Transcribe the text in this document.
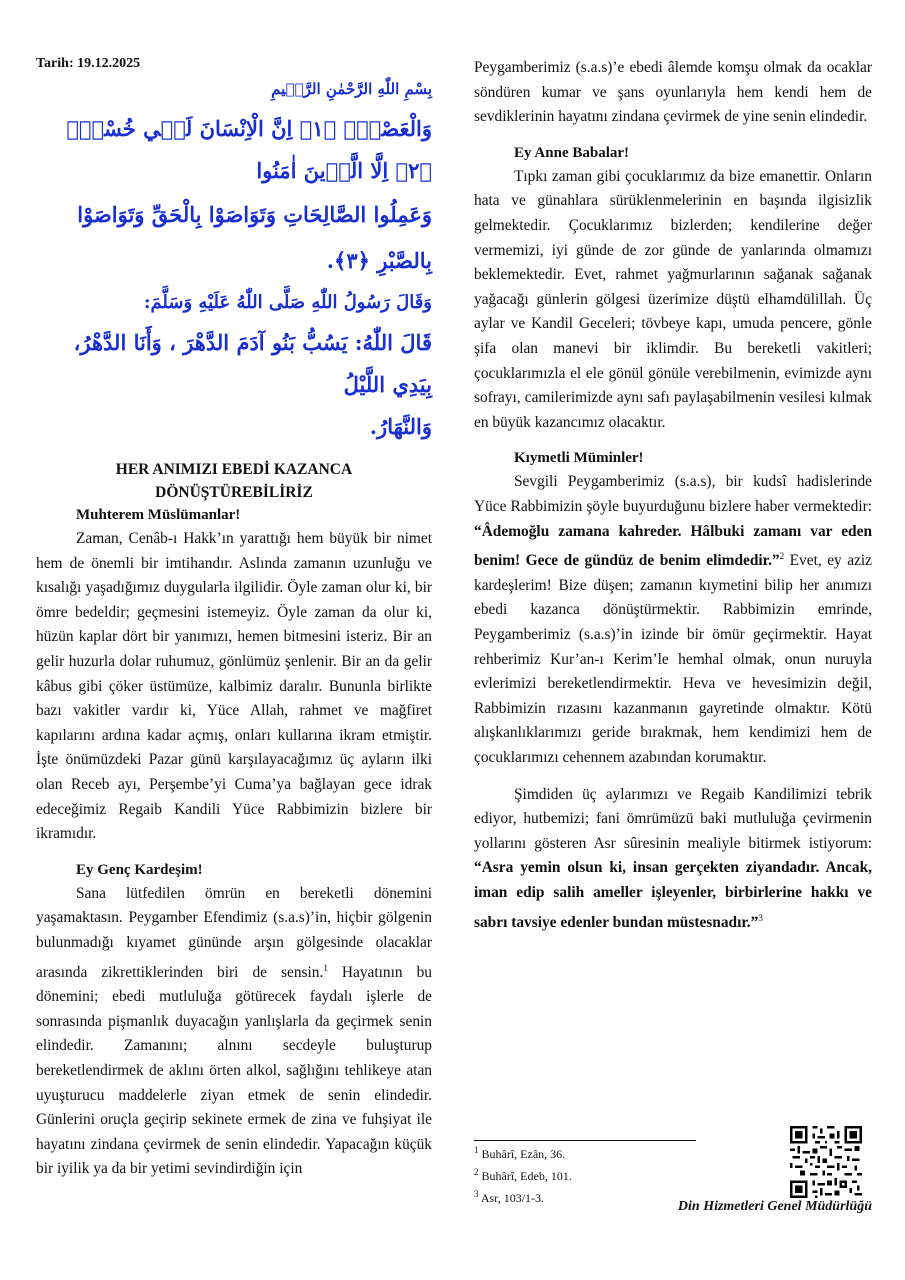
Tarih: 19.12.2025

بِسْمِ اللّٰهِ الرَّحْمٰنِ الرَّح۪يمِ

وَالْعَصْرِۙ ﴿١﴾ اِنَّ الْاِنْسَانَ لَف۪ي خُسْرٍۙ ﴿٢﴾ اِلَّا الَّذ۪ينَ اٰمَنُوا

وَعَمِلُوا الصَّالِحَاتِ وَتَوَاصَوْا بِالْحَقِّ وَتَوَاصَوْا بِالصَّبْرِ ﴿٣﴾.

وَقَالَ رَسُولُ اللّٰهِ صَلَّى اللّٰهُ عَلَيْهِ وَسَلَّمَ:

قَالَ اللّٰهُ: يَسُبُّ بَنُو آدَمَ الدَّهْرَ ، وَأَنَا الدَّهْرُ، بِيَدِي اللَّيْلُ

وَالنَّهَارُ.

HER ANIMIZI EBEDİ KAZANCA
DÖNÜŞTÜREBİLİRİZ

Muhterem Müslümanlar!

Zaman, Cenâb-ı Hakk’ın yarattığı hem büyük bir nimet hem de önemli bir imtihandır. Aslında zamanın uzunluğu ve kısalığı yaşadığımız duygularla ilgilidir. Öyle zaman olur ki, bir ömre bedeldir; geçmesini istemeyiz. Öyle zaman da olur ki, hüzün kaplar dört bir yanımızı, hemen bitmesini isteriz. Bir an gelir huzurla dolar ruhumuz, gönlümüz şenlenir. Bir an da gelir kâbus gibi çöker üstümüze, kalbimiz daralır. Bununla birlikte bazı vakitler vardır ki, Yüce Allah, rahmet ve mağfiret kapılarını ardına kadar açmış, onları kullarına ikram etmiştir. İşte önümüzdeki Pazar günü karşılayacağımız üç ayların ilki olan Receb ayı, Perşembe’yi Cuma’ya bağlayan gece idrak edeceğimiz Regaib Kandili Yüce Rabbimizin bizlere bir ikramıdır.

Ey Genç Kardeşim!

Sana lütfedilen ömrün en bereketli dönemini yaşamaktasın. Peygamber Efendimiz (s.a.s)’in, hiçbir gölgenin bulunmadığı kıyamet gününde arşın gölgesinde olacaklar arasında zikrettiklerinden biri de sensin.$^1$ Hayatının bu dönemini; ebedi mutluluğa götürecek faydalı işlerle de sonrasında pişmanlık duyacağın yanlışlarla da geçirmek senin elindedir. Zamanını; alnını secdeyle buluşturup bereketlendirmek de aklını örten alkol, sağlığını tehlikeye atan uyuşturucu maddelerle ziyan etmek de senin elindedir. Günlerini oruçla geçirip sekinete ermek de zina ve fuhşiyat ile hayatını zindana çevirmek de senin elindedir. Yapacağın küçük bir iyilik ya da bir yetimi sevindirdiğin için

Peygamberimiz (s.a.s)’e ebedi âlemde komşu olmak da ocaklar söndüren kumar ve şans oyunlarıyla hem kendi hem de sevdiklerinin hayatını zindana çevirmek de yine senin elindedir.

Ey Anne Babalar!

Tıpkı zaman gibi çocuklarımız da bize emanettir. Onların hata ve günahlara sürüklenmelerinin en başında ilgisizlik gelmektedir. Çocuklarımız bizlerden; kendilerine değer vermemizi, iyi günde de zor günde de yanlarında olmamızı beklemektedir. Evet, rahmet yağmurlarının sağanak sağanak yağacağı günlerin gölgesi üzerimize düştü elhamdülillah. Üç aylar ve Kandil Geceleri; tövbeye kapı, umuda pencere, gönle şifa olan manevi bir iklimdir. Bu bereketli vakitleri; çocuklarımızla el ele gönül gönüle verebilmenin, evimizde aynı sofrayı, camilerimizde aynı safı paylaşabilmenin vesilesi kılmak en büyük kazancımız olacaktır.

Kıymetli Müminler!

Sevgili Peygamberimiz (s.a.s), bir kudsî hadislerinde Yüce Rabbimizin şöyle buyurduğunu bizlere haber vermektedir: “Âdemoğlu zamana kahreder. Hâlbuki zamanı var eden benim! Gece de gündüz de benim elimdedir.”$^2$ Evet, ey aziz kardeşlerim! Bize düşen; zamanın kıymetini bilip her anımızı ebedi kazanca dönüştürmektir. Rabbimizin emrinde, Peygamberimiz (s.a.s)’in izinde bir ömür geçirmektir. Hayat rehberimiz Kur’an-ı Kerim’le hemhal olmak, onun nuruyla evlerimizi bereketlendirmektir. Heva ve hevesimizin değil, Rabbimizin rızasını kazanmanın gayretinde olmaktır. Kötü alışkanlıklarımızı geride bırakmak, hem kendimizi hem de çocuklarımızı cehennem azabından korumaktır.

Şimdiden üç aylarımızı ve Regaib Kandilimizi tebrik ediyor, hutbemizi; fani ömrümüzü baki mutluluğa çevirmenin yollarını gösteren Asr sûresinin mealiyle bitirmek istiyorum: “Asra yemin olsun ki, insan gerçekten ziyandadır. Ancak, iman edip salih ameller işleyenler, birbirlerine hakkı ve sabrı tavsiye edenler bundan müstesnadır.”$^3$

$^1$ Buhârî, Ezân, 36.

$^2$ Buhârî, Edeb, 101.

$^3$ Asr, 103/1-3.

Din Hizmetleri Genel Müdürlüğü
